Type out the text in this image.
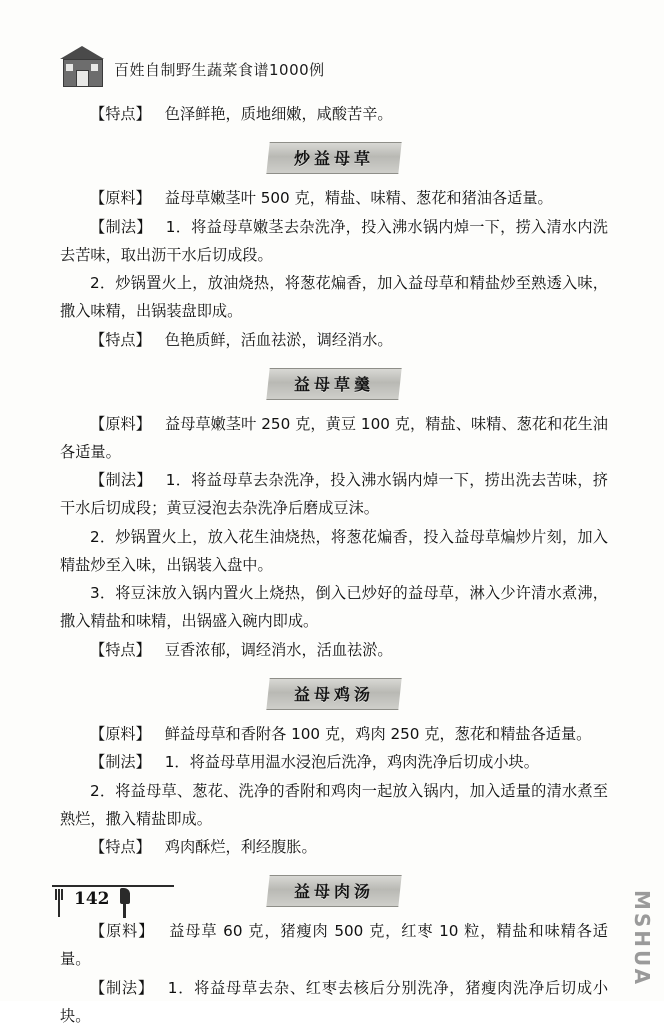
百姓自制野生蔬菜食谱1000例

【特点】 色泽鲜艳，质地细嫩，咸酸苦辛。

炒益母草

【原料】 益母草嫩茎叶 500 克，精盐、味精、葱花和猪油各适量。

【制法】 1．将益母草嫩茎去杂洗净，投入沸水锅内焯一下，捞入清水内洗去苦味，取出沥干水后切成段。

2．炒锅置火上，放油烧热，将葱花煸香，加入益母草和精盐炒至熟透入味，撒入味精，出锅装盘即成。

【特点】 色艳质鲜，活血祛淤，调经消水。

益母草羹

【原料】 益母草嫩茎叶 250 克，黄豆 100 克，精盐、味精、葱花和花生油各适量。

【制法】 1．将益母草去杂洗净，投入沸水锅内焯一下，捞出洗去苦味，挤干水后切成段；黄豆浸泡去杂洗净后磨成豆沫。

2．炒锅置火上，放入花生油烧热，将葱花煸香，投入益母草煸炒片刻，加入精盐炒至入味，出锅装入盘中。

3．将豆沫放入锅内置火上烧热，倒入已炒好的益母草，淋入少许清水煮沸，撒入精盐和味精，出锅盛入碗内即成。

【特点】 豆香浓郁，调经消水，活血祛淤。

益母鸡汤

【原料】 鲜益母草和香附各 100 克，鸡肉 250 克，葱花和精盐各适量。

【制法】 1．将益母草用温水浸泡后洗净，鸡肉洗净后切成小块。

2．将益母草、葱花、洗净的香附和鸡肉一起放入锅内，加入适量的清水煮至熟烂，撒入精盐即成。

【特点】 鸡肉酥烂，利经腹胀。

益母肉汤

【原料】 益母草 60 克，猪瘦肉 500 克，红枣 10 粒，精盐和味精各适量。

【制法】 1．将益母草去杂、红枣去核后分别洗净，猪瘦肉洗净后切成小块。

142	MSHUA
